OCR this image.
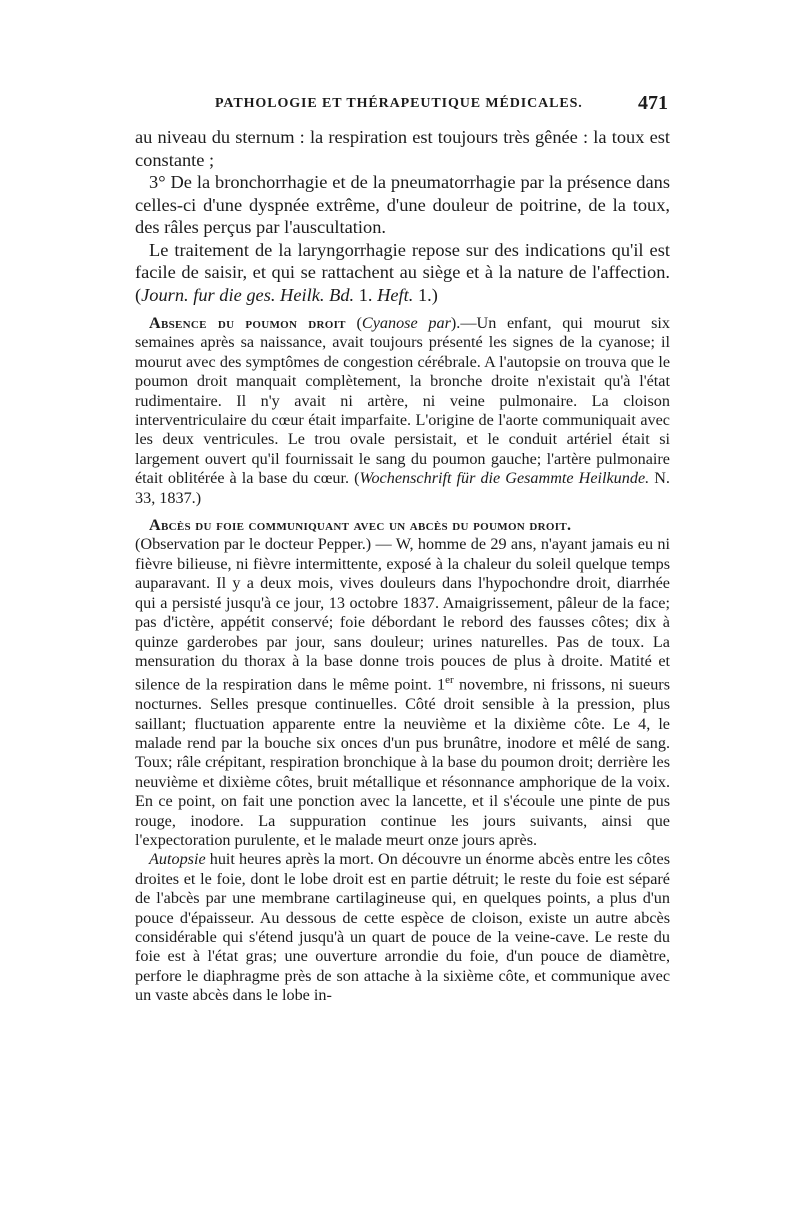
PATHOLOGIE ET THÉRAPEUTIQUE MÉDICALES.	471

au niveau du sternum : la respiration est toujours très gênée : la toux est constante ;

3° De la bronchorrhagie et de la pneumatorrhagie par la présence dans celles-ci d'une dyspnée extrême, d'une douleur de poitrine, de la toux, des râles perçus par l'auscultation.

Le traitement de la laryngorrhagie repose sur des indications qu'il est facile de saisir, et qui se rattachent au siège et à la nature de l'affection. (Journ. fur die ges. Heilk. Bd. 1. Heft. 1.)

Absence du poumon droit (Cyanose par).—Un enfant, qui mourut six semaines après sa naissance, avait toujours présenté les signes de la cyanose; il mourut avec des symptômes de congestion cérébrale. A l'autopsie on trouva que le poumon droit manquait complètement, la bronche droite n'existait qu'à l'état rudimentaire. Il n'y avait ni artère, ni veine pulmonaire. La cloison interventriculaire du cœur était imparfaite. L'origine de l'aorte communiquait avec les deux ventricules. Le trou ovale persistait, et le conduit artériel était si largement ouvert qu'il fournissait le sang du poumon gauche; l'artère pulmonaire était oblitérée à la base du cœur. (Wochenschrift für die Gesammte Heilkunde. N. 33, 1837.)

Abcès du foie communiquant avec un abcès du poumon droit.

(Observation par le docteur Pepper.) — W, homme de 29 ans, n'ayant jamais eu ni fièvre bilieuse, ni fièvre intermittente, exposé à la chaleur du soleil quelque temps auparavant. Il y a deux mois, vives douleurs dans l'hypochondre droit, diarrhée qui a persisté jusqu'à ce jour, 13 octobre 1837. Amaigrissement, pâleur de la face; pas d'ictère, appétit conservé; foie débordant le rebord des fausses côtes; dix à quinze garderobes par jour, sans douleur; urines naturelles. Pas de toux. La mensuration du thorax à la base donne trois pouces de plus à droite. Matité et silence de la respiration dans le même point. 1er novembre, ni frissons, ni sueurs nocturnes. Selles presque continuelles. Côté droit sensible à la pression, plus saillant; fluctuation apparente entre la neuvième et la dixième côte. Le 4, le malade rend par la bouche six onces d'un pus brunâtre, inodore et mêlé de sang. Toux; râle crépitant, respiration bronchique à la base du poumon droit; derrière les neuvième et dixième côtes, bruit métallique et résonnance amphorique de la voix. En ce point, on fait une ponction avec la lancette, et il s'écoule une pinte de pus rouge, inodore. La suppuration continue les jours suivants, ainsi que l'expectoration purulente, et le malade meurt onze jours après.

Autopsie huit heures après la mort. On découvre un énorme abcès entre les côtes droites et le foie, dont le lobe droit est en partie détruit; le reste du foie est séparé de l'abcès par une membrane cartilagineuse qui, en quelques points, a plus d'un pouce d'épaisseur. Au dessous de cette espèce de cloison, existe un autre abcès considérable qui s'étend jusqu'à un quart de pouce de la veine-cave. Le reste du foie est à l'état gras; une ouverture arrondie du foie, d'un pouce de diamètre, perfore le diaphragme près de son attache à la sixième côte, et communique avec un vaste abcès dans le lobe in-
